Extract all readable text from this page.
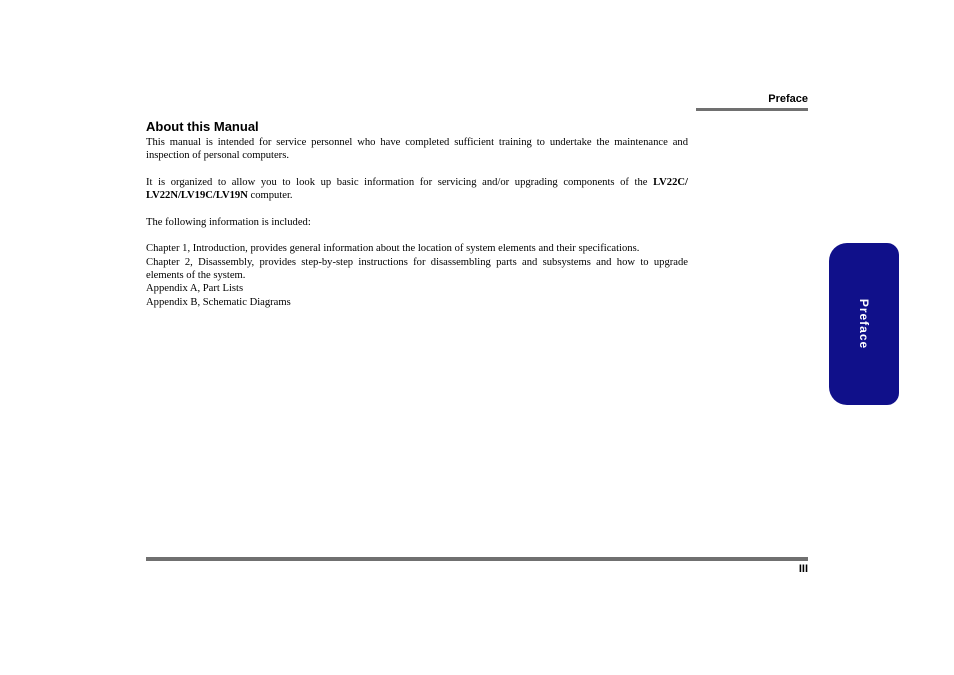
Preface
About this Manual

This manual is intended for service personnel who have completed sufficient training to undertake the maintenance and inspection of personal computers.

It is organized to allow you to look up basic information for servicing and/or upgrading components of the LV22C/ LV22N/LV19C/LV19N computer.

The following information is included:

Chapter 1, Introduction, provides general information about the location of system elements and their specifications.

Chapter 2, Disassembly, provides step-by-step instructions for disassembling parts and subsystems and how to upgrade elements of the system.

Appendix A, Part Lists

Appendix B, Schematic Diagrams	Preface
III
